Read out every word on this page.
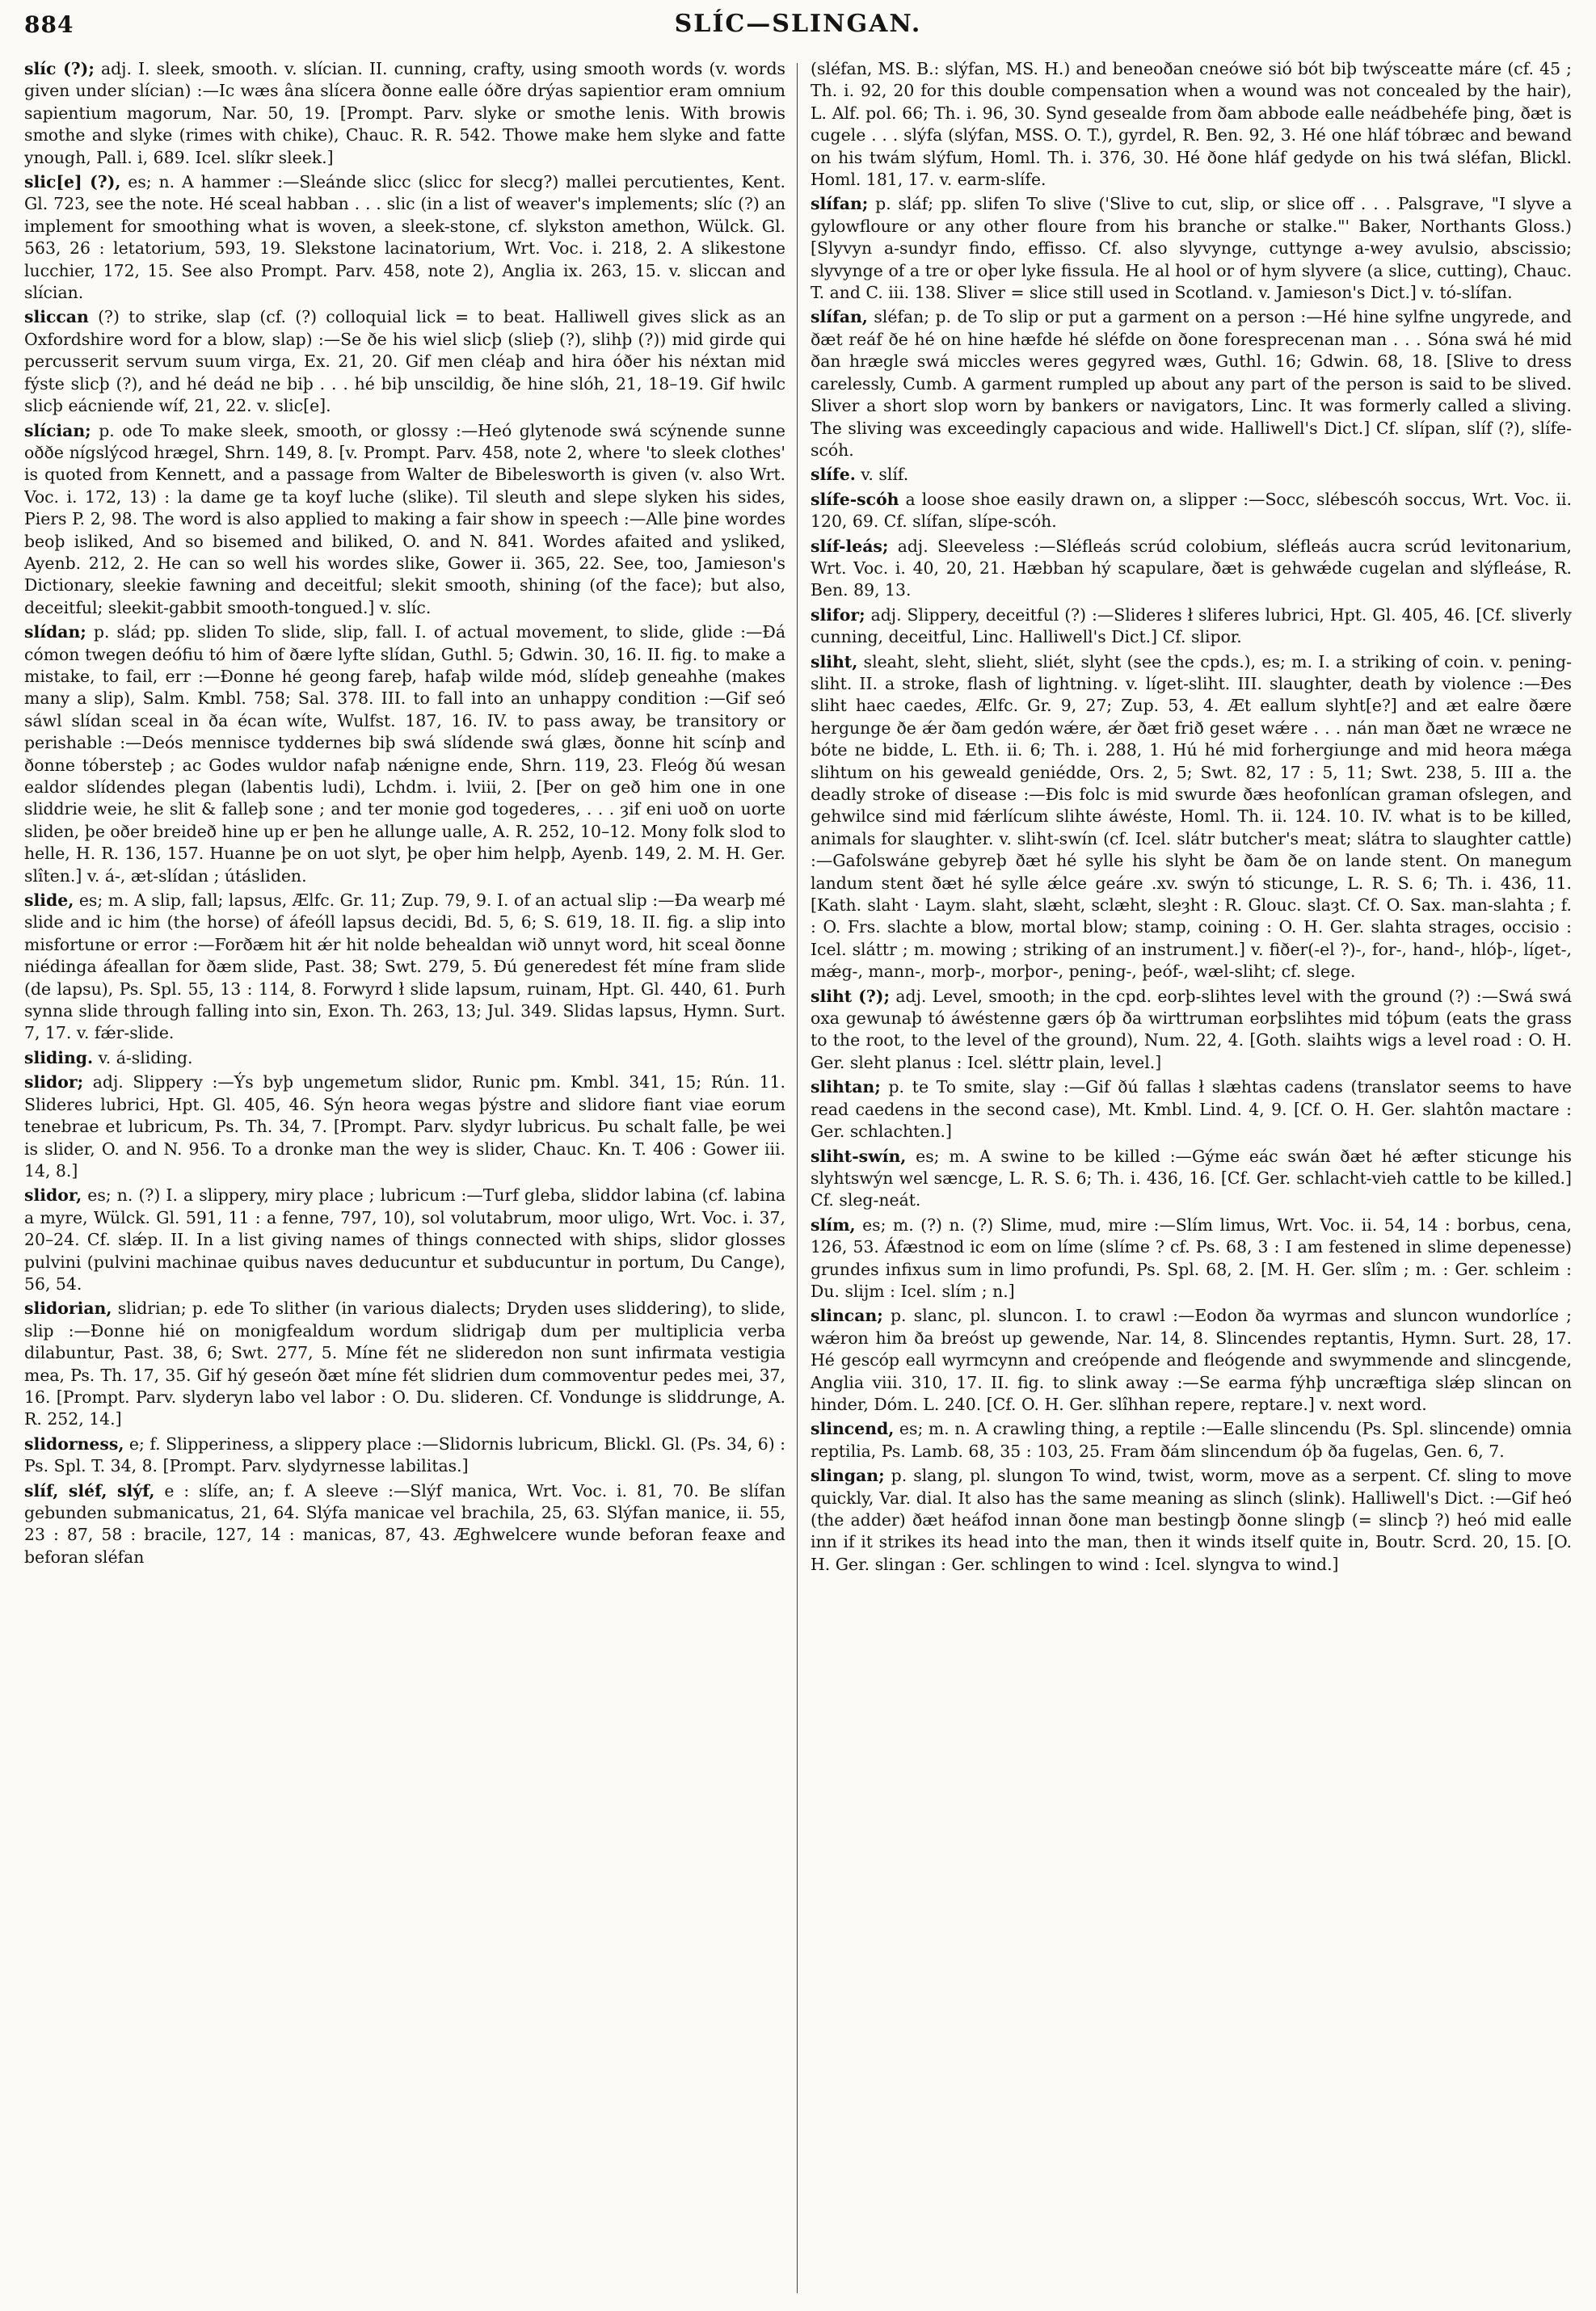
884	SLÍC—SLINGAN.

slíc (?); adj. I. sleek, smooth. v. slícian. II. cunning, crafty, using smooth words (v. words given under slícian) :—Ic wæs âna slícera ðonne ealle óðre drýas sapientior eram omnium sapientium magorum, Nar. 50, 19. [Prompt. Parv. slyke or smothe lenis. With browis smothe and slyke (rimes with chike), Chauc. R. R. 542. Thowe make hem slyke and fatte ynough, Pall. i, 689. Icel. slíkr sleek.]

slic[e] (?), es; n. A hammer :—Sleánde slicc (slicc for slecg?) mallei percutientes, Kent. Gl. 723, see the note. Hé sceal habban . . . slic (in a list of weaver's implements; slíc (?) an implement for smoothing what is woven, a sleek-stone, cf. slykston amethon, Wülck. Gl. 563, 26 : letatorium, 593, 19. Slekstone lacinatorium, Wrt. Voc. i. 218, 2. A slikestone lucchier, 172, 15. See also Prompt. Parv. 458, note 2), Anglia ix. 263, 15. v. sliccan and slícian.

sliccan (?) to strike, slap (cf. (?) colloquial lick = to beat. Halliwell gives slick as an Oxfordshire word for a blow, slap) :—Se ðe his wiel slicþ (sliеþ (?), slihþ (?)) mid girde qui percusserit servum suum virga, Ex. 21, 20. Gif men cléaþ and hira óðer his néxtan mid fýste slicþ (?), and hé deád ne biþ . . . hé biþ unscildig, ðe hine slóh, 21, 18–19. Gif hwilc slicþ eácniende wíf, 21, 22. v. slic[e].

slícian; p. ode To make sleek, smooth, or glossy :—Heó glytenode swá scýnende sunne oððe nígslýcod hrægel, Shrn. 149, 8. [v. Prompt. Parv. 458, note 2, where 'to sleek clothes' is quoted from Kennett, and a passage from Walter de Bibelesworth is given (v. also Wrt. Voc. i. 172, 13) : la dame ge ta koyf luche (slike). Til sleuth and slepe slyken his sides, Piers P. 2, 98. The word is also applied to making a fair show in speech :—Alle þine wordes beoþ isliked, And so bisemed and biliked, O. and N. 841. Wordes afaited and ysliked, Ayenb. 212, 2. He can so well his wordes slike, Gower ii. 365, 22. See, too, Jamieson's Dictionary, sleekie fawning and deceitful; slekit smooth, shining (of the face); but also, deceitful; sleekit-gabbit smooth-tongued.] v. slíc.

slídan; p. slád; pp. sliden To slide, slip, fall. I. of actual movement, to slide, glide :—Ðá cómon twegen deófiu tó him of ðære lyfte slídan, Guthl. 5; Gdwin. 30, 16. II. fig. to make a mistake, to fail, err :—Ðonne hé geong fareþ, hafaþ wilde mód, slídeþ geneahhe (makes many a slip), Salm. Kmbl. 758; Sal. 378. III. to fall into an unhappy condition :—Gif seó sáwl slídan sceal in ða écan wíte, Wulfst. 187, 16. IV. to pass away, be transitory or perishable :—Deós mennisce tyddernes biþ swá slídende swá glæs, ðonne hit scínþ and ðonne tóberstеþ ; ac Godes wuldor nafaþ nǽnigne ende, Shrn. 119, 23. Fleóg ðú wesan ealdor slídendes plegan (labentis ludi), Lchdm. i. lviii, 2. [Þer on geð him one in one sliddrie weie, he slit & falleþ sone ; and ter monie god togederes, . . . ȝif eni uoð on uorte sliden, þe oðer breideð hine up er þen he allunge ualle, A. R. 252, 10–12. Mony folk slod to helle, H. R. 136, 157. Huanne þe on uot slyt, þe oþer him helpþ, Ayenb. 149, 2. M. H. Ger. slîten.] v. á-, æt-slídan ; útásliden.

slide, es; m. A slip, fall; lapsus, Ælfc. Gr. 11; Zup. 79, 9. I. of an actual slip :—Ða wearþ mé slide and ic him (the horse) of áfeóll lapsus decidi, Bd. 5, 6; S. 619, 18. II. fig. a slip into misfortune or error :—Forðæm hit ǽr hit nolde behealdan wið unnyt word, hit sceal ðonne niédinga áfeallan for ðæm slide, Past. 38; Swt. 279, 5. Ðú generedest fét míne fram slide (de lapsu), Ps. Spl. 55, 13 : 114, 8. Forwyrd ł slide lapsum, ruinam, Hpt. Gl. 440, 61. Þurh synna slide through falling into sin, Exon. Th. 263, 13; Jul. 349. Slidas lapsus, Hymn. Surt. 7, 17. v. fǽr-slide.

sliding. v. á-sliding.

slidor; adj. Slippery :—Ýs byþ ungemetum slidor, Runic pm. Kmbl. 341, 15; Rún. 11. Slideres lubrici, Hpt. Gl. 405, 46. Sýn heora wegas þýstre and slidore fiant viae eorum tenebrae et lubricum, Ps. Th. 34, 7. [Prompt. Parv. slydyr lubricus. Þu schalt falle, þe wei is slider, O. and N. 956. To a dronke man the wey is slider, Chauc. Kn. T. 406 : Gower iii. 14, 8.]

slidor, es; n. (?) I. a slippery, miry place ; lubricum :—Turf gleba, sliddor labina (cf. labina a myre, Wülck. Gl. 591, 11 : a fenne, 797, 10), sol volutabrum, moor uligo, Wrt. Voc. i. 37, 20–24. Cf. slǽp. II. In a list giving names of things connected with ships, slidor glosses pulvini (pulvini machinae quibus naves deducuntur et subducuntur in portum, Du Cange), 56, 54.

slidorian, slidrian; p. ede To slither (in various dialects; Dryden uses sliddering), to slide, slip :—Ðonne hié on monigfealdum wordum slidrigaþ dum per multiplicia verba dilabuntur, Past. 38, 6; Swt. 277, 5. Míne fét ne slideredon non sunt infirmata vestigia mea, Ps. Th. 17, 35. Gif hý geseón ðæt míne fét slidrien dum commoventur pedes mei, 37, 16. [Prompt. Parv. slyderyn labo vel labor : O. Du. slideren. Cf. Vondunge is sliddrunge, A. R. 252, 14.]

slidorness, e; f. Slipperiness, a slippery place :—Slidornis lubricum, Blickl. Gl. (Ps. 34, 6) : Ps. Spl. T. 34, 8. [Prompt. Parv. slydyrnesse labilitas.]

slíf, sléf, slýf, e : slífe, an; f. A sleeve :—Slýf manica, Wrt. Voc. i. 81, 70. Be slífan gebunden submanicatus, 21, 64. Slýfa manicae vel brachila, 25, 63. Slýfan manice, ii. 55, 23 : 87, 58 : bracile, 127, 14 : manicas, 87, 43. Æghwelcere wunde beforan feaxe and beforan sléfan

(sléfan, MS. B.: slýfan, MS. H.) and beneoðan cneówe sió bót biþ twýsceatte máre (cf. 45 ; Th. i. 92, 20 for this double compensation when a wound was not concealed by the hair), L. Alf. pol. 66; Th. i. 96, 30. Synd gesealde from ðam abbode ealle neádbehéfe þing, ðæt is cugele . . . slýfa (slýfan, MSS. O. T.), gyrdel, R. Ben. 92, 3. Hé one hláf tóbræc and bewand on his twám slýfum, Homl. Th. i. 376, 30. Hé ðone hláf gedyde on his twá sléfan, Blickl. Homl. 181, 17. v. earm-slífe.

slífan; p. sláf; pp. slifen To slive ('Slive to cut, slip, or slice off . . . Palsgrave, "I slyve a gylowfloure or any other floure from his branche or stalke."' Baker, Northants Gloss.) [Slyvyn a-sundyr findo, effisso. Cf. also slyvynge, cuttynge a-wey avulsio, abscissio; slyvynge of a tre or oþer lyke fissula. He al hool or of hym slyvere (a slice, cutting), Chauc. T. and C. iii. 138. Sliver = slice still used in Scotland. v. Jamieson's Dict.] v. tó-slífan.

slífan, sléfan; p. de To slip or put a garment on a person :—Hé hine sylfne ungyrede, and ðæt reáf ðe hé on hine hæfde hé sléfde on ðone foresprecenan man . . . Sóna swá hé mid ðan hrægle swá miccles weres gegyred wæs, Guthl. 16; Gdwin. 68, 18. [Slive to dress carelessly, Cumb. A garment rumpled up about any part of the person is said to be slived. Sliver a short slop worn by bankers or navigators, Linc. It was formerly called a sliving. The sliving was exceedingly capacious and wide. Halliwell's Dict.] Cf. slípan, slíf (?), slífe-scóh.

slífe. v. slíf.

slífe-scóh a loose shoe easily drawn on, a slipper :—Socc, slébescóh soccus, Wrt. Voc. ii. 120, 69. Cf. slífan, slípe-scóh.

slíf-leás; adj. Sleeveless :—Sléfleás scrúd colobium, sléfleás aucra scrúd levitonarium, Wrt. Voc. i. 40, 20, 21. Hæbban hý scapulare, ðæt is gehwǽde cugelan and slýfleáse, R. Ben. 89, 13.

slifor; adj. Slippery, deceitful (?) :—Slideres ł sliferes lubrici, Hpt. Gl. 405, 46. [Cf. sliverly cunning, deceitful, Linc. Halliwell's Dict.] Cf. slipor.

sliht, sleaht, sleht, slieht, sliét, slyht (see the cpds.), es; m. I. a striking of coin. v. pening-sliht. II. a stroke, flash of lightning. v. líget-sliht. III. slaughter, death by violence :—Ðes sliht haec caedes, Ælfc. Gr. 9, 27; Zup. 53, 4. Æt eallum slyht[e?] and æt ealre ðære hergunge ðe ǽr ðam gedón wǽre, ǽr ðæt frið geset wǽre . . . nán man ðæt ne wræce ne bóte ne bidde, L. Eth. ii. 6; Th. i. 288, 1. Hú hé mid forhergiunge and mid heora mǽga slihtum on his geweald geniédde, Ors. 2, 5; Swt. 82, 17 : 5, 11; Swt. 238, 5. III a. the deadly stroke of disease :—Ðis folc is mid swurde ðæs heofonlícan graman ofslegen, and gehwilce sind mid fǽrlícum slihte áwéste, Homl. Th. ii. 124. 10. IV. what is to be killed, animals for slaughter. v. sliht-swín (cf. Icel. slátr butcher's meat; slátra to slaughter cattle) :—Gafolswáne gebyreþ ðæt hé sylle his slyht be ðam ðe on lande stent. On manegum landum stent ðæt hé sylle ǽlce geáre .xv. swýn tó sticunge, L. R. S. 6; Th. i. 436, 11. [Kath. slaht · Laym. slaht, slæht, sclæht, sleȝht : R. Glouc. slaȝt. Cf. O. Sax. man-slahta ; f. : O. Frs. slachte a blow, mortal blow; stamp, coining : O. H. Ger. slahta strages, occisio : Icel. sláttr ; m. mowing ; striking of an instrument.] v. fiðer(-el ?)-, for-, hand-, hlóþ-, líget-, mǽg-, mann-, morþ-, morþor-, pening-, þeóf-, wæl-sliht; cf. slege.

sliht (?); adj. Level, smooth; in the cpd. eorþ-slihtes level with the ground (?) :—Swá swá oxa gewunaþ tó áwéstenne gærs óþ ða wirttruman eorþslihtes mid tóþum (eats the grass to the root, to the level of the ground), Num. 22, 4. [Goth. slaihts wigs a level road : O. H. Ger. sleht planus : Icel. sléttr plain, level.]

slihtan; p. te To smite, slay :—Gif ðú fallas ł slæhtas cadens (translator seems to have read caedens in the second case), Mt. Kmbl. Lind. 4, 9. [Cf. O. H. Ger. slahtôn mactare : Ger. schlachten.]

sliht-swín, es; m. A swine to be killed :—Gýme eác swán ðæt hé æfter sticunge his slyhtswýn wel sæncge, L. R. S. 6; Th. i. 436, 16. [Cf. Ger. schlacht-vieh cattle to be killed.] Cf. sleg-neát.

slím, es; m. (?) n. (?) Slime, mud, mire :—Slím limus, Wrt. Voc. ii. 54, 14 : borbus, cena, 126, 53. Áfæstnod ic eom on líme (slíme ? cf. Ps. 68, 3 : I am festened in slime depenesse) grundes infixus sum in limo profundi, Ps. Spl. 68, 2. [M. H. Ger. slîm ; m. : Ger. schleim : Du. slijm : Icel. slím ; n.]

slincan; p. slanc, pl. sluncon. I. to crawl :—Eodon ða wyrmas and sluncon wundorlíce ; wǽron him ða breóst up gewende, Nar. 14, 8. Slincendes reptantis, Hymn. Surt. 28, 17. Hé gescóp eall wyrmcynn and creópende and fleógende and swymmende and slincgende, Anglia viii. 310, 17. II. fig. to slink away :—Se earma fýhþ uncræftiga slǽp slincan on hinder, Dóm. L. 240. [Cf. O. H. Ger. slîhhan repere, reptare.] v. next word.

slincend, es; m. n. A crawling thing, a reptile :—Ealle slincendu (Ps. Spl. slincende) omnia reptilia, Ps. Lamb. 68, 35 : 103, 25. Fram ðám slincendum óþ ða fugelas, Gen. 6, 7.

slingan; p. slang, pl. slungon To wind, twist, worm, move as a serpent. Cf. sling to move quickly, Var. dial. It also has the same meaning as slinch (slink). Halliwell's Dict. :—Gif heó (the adder) ðæt heáfod innan ðone man bestingþ ðonne slingþ (= slincþ ?) heó mid ealle inn if it strikes its head into the man, then it winds itself quite in, Boutr. Scrd. 20, 15. [O. H. Ger. slingan : Ger. schlingen to wind : Icel. slyngva to wind.]
